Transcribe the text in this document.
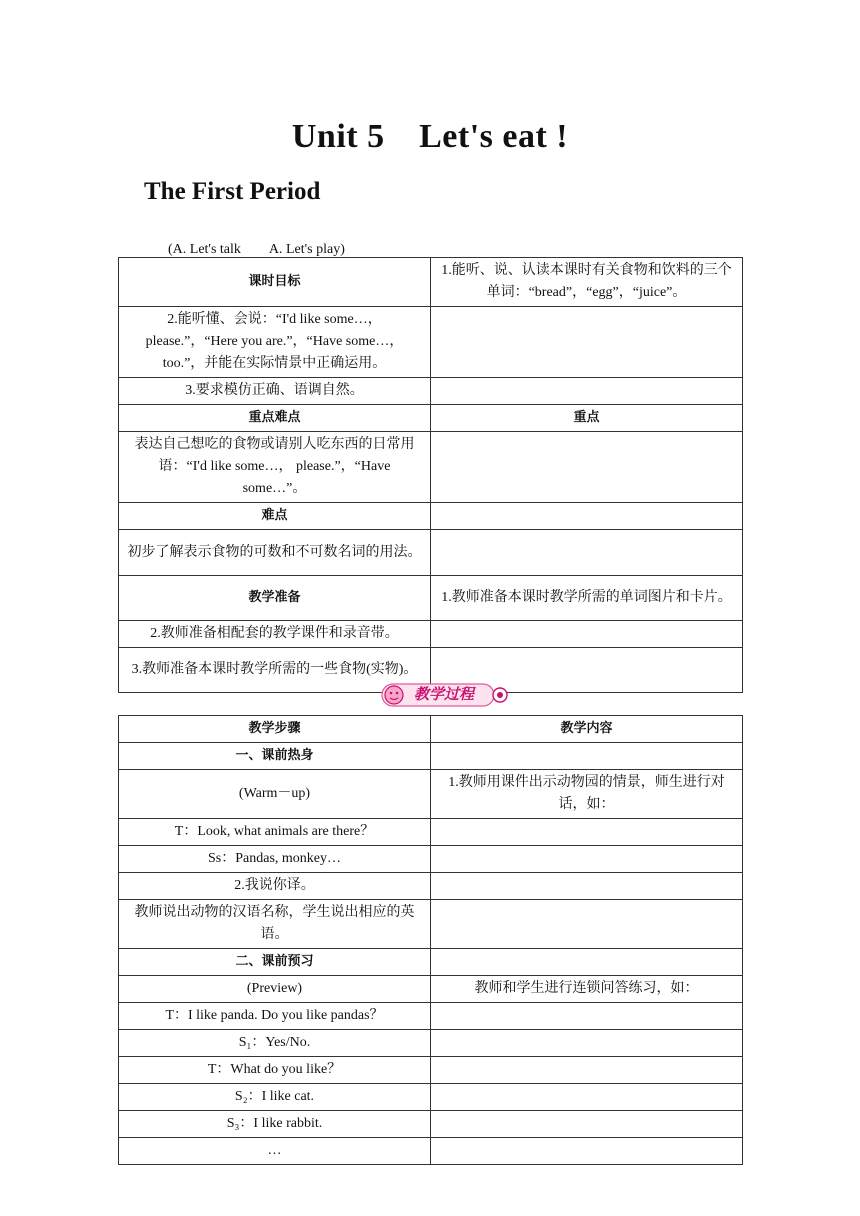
Unit 5　Let's eat !
The First Period
(A. Let's talk　　A. Let's play)
课时目标	1.能听、说、认读本课时有关食物和饮料的三个单词：“bread”，“egg”，“juice”。
2.能听懂、会说：“I'd like some…， please.”，“Here you are.”，“Have some…，too.”，并能在实际情景中正确运用。	
3.要求模仿正确、语调自然。	
重点难点	重点
表达自己想吃的食物或请别人吃东西的日常用语：“I'd like some…， please.”，“Have some…”。	
难点	
初步了解表示食物的可数和不可数名词的用法。	
教学准备	1.教师准备本课时教学所需的单词图片和卡片。
2.教师准备相配套的教学课件和录音带。	
3.教师准备本课时教学所需的一些食物(实物)。	
教学过程
教学步骤	教学内容
一、课前热身	
(Warm－up)	1.教师用课件出示动物园的情景，师生进行对话，如：
T：Look, what animals are there？	
Ss：Pandas, monkey…	
2.我说你译。	
教师说出动物的汉语名称，学生说出相应的英语。	
二、课前预习	
(Preview)	教师和学生进行连锁问答练习，如：
T：I like panda. Do you like pandas？	
S₁：Yes/No.	
T：What do you like？	
S₂：I like cat.	
S₃：I like rabbit.	
…	
